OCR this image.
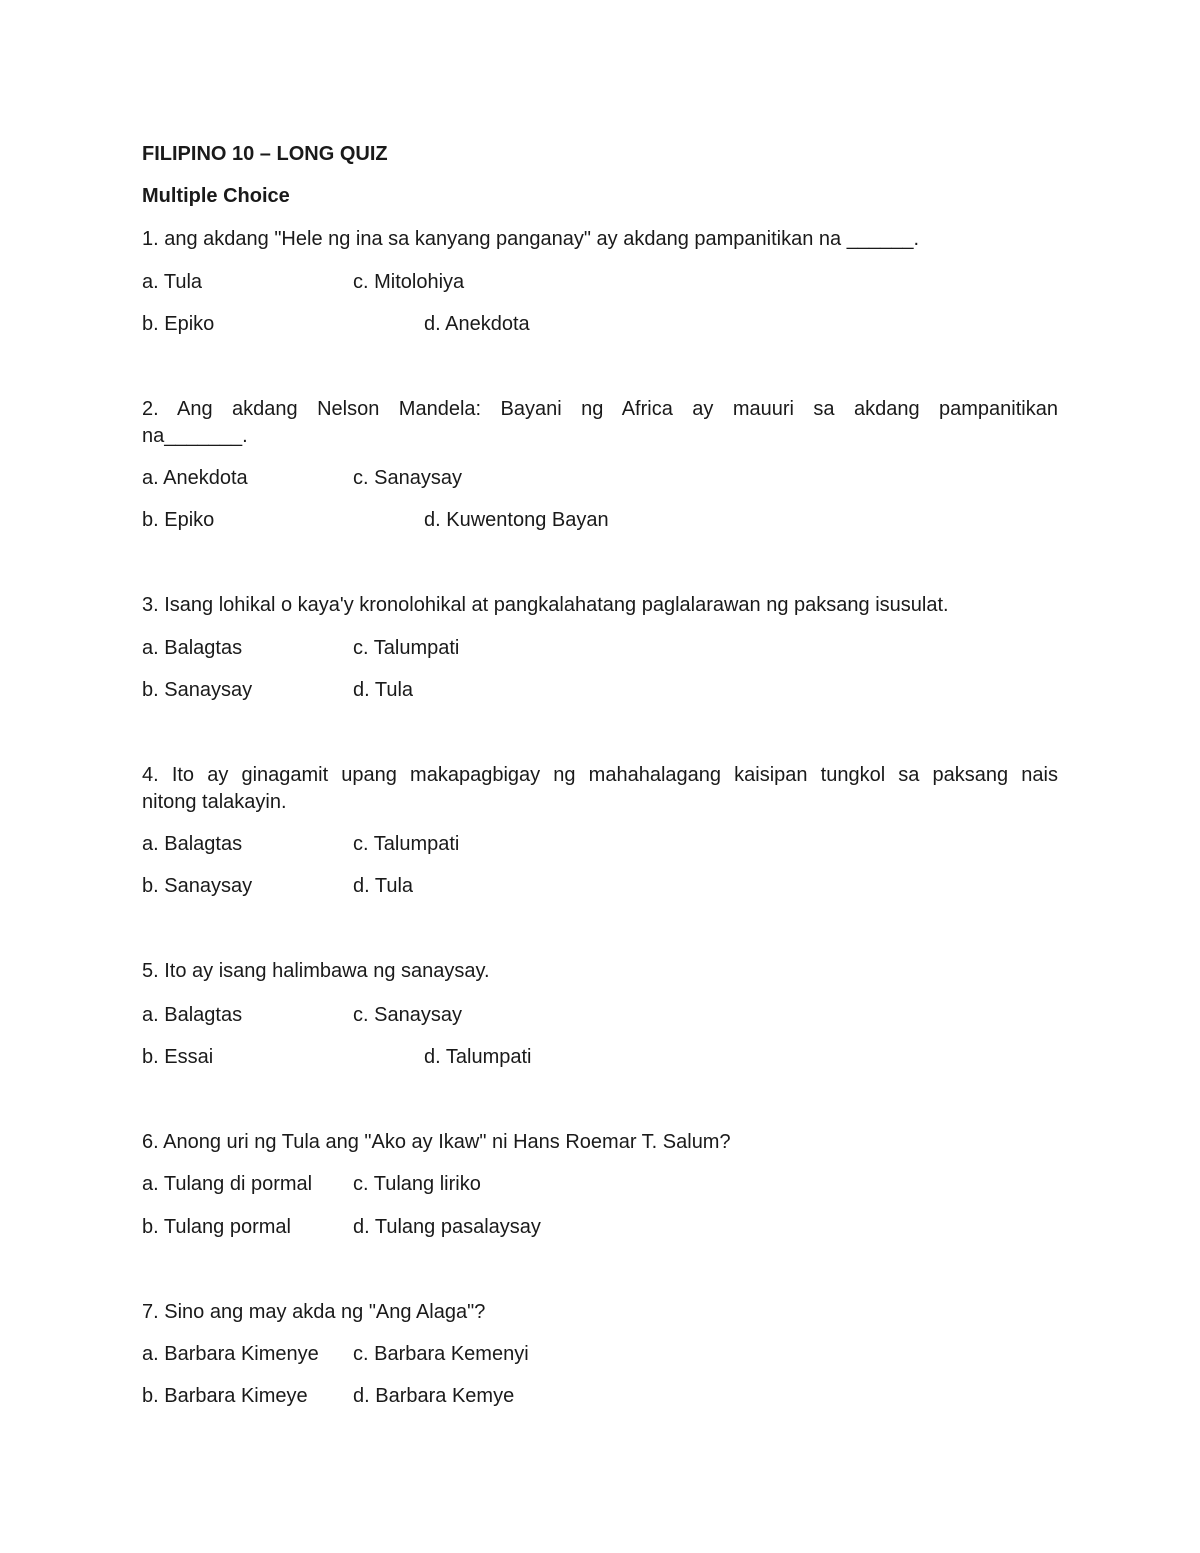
FILIPINO 10 – LONG QUIZ
Multiple Choice
1. ang akdang "Hele ng ina sa kanyang panganay" ay akdang pampanitikan na ______.
a. Tula	c. Mitolohiya
b. Epiko	d. Anekdota
2. Ang akdang Nelson Mandela: Bayani ng Africa ay mauuri sa akdang pampanitikan
na_______.
a. Anekdota	c. Sanaysay
b. Epiko	d. Kuwentong Bayan
3. Isang lohikal o kaya'y kronolohikal at pangkalahatang paglalarawan ng paksang isusulat.
a. Balagtas	c. Talumpati
b. Sanaysay	d. Tula
4. Ito ay ginagamit upang makapagbigay ng mahahalagang kaisipan tungkol sa paksang nais
nitong talakayin.
a. Balagtas	c. Talumpati
b. Sanaysay	d. Tula
5. Ito ay isang halimbawa ng sanaysay.
a. Balagtas	c. Sanaysay
b. Essai	d. Talumpati
6. Anong uri ng Tula ang "Ako ay Ikaw" ni Hans Roemar T. Salum?
a. Tulang di pormal c. Tulang liriko
b. Tulang pormal	d. Tulang pasalaysay
7. Sino ang may akda ng "Ang Alaga"?
a. Barbara Kimenye c. Barbara Kemenyi
b. Barbara Kimeye d. Barbara Kemye
